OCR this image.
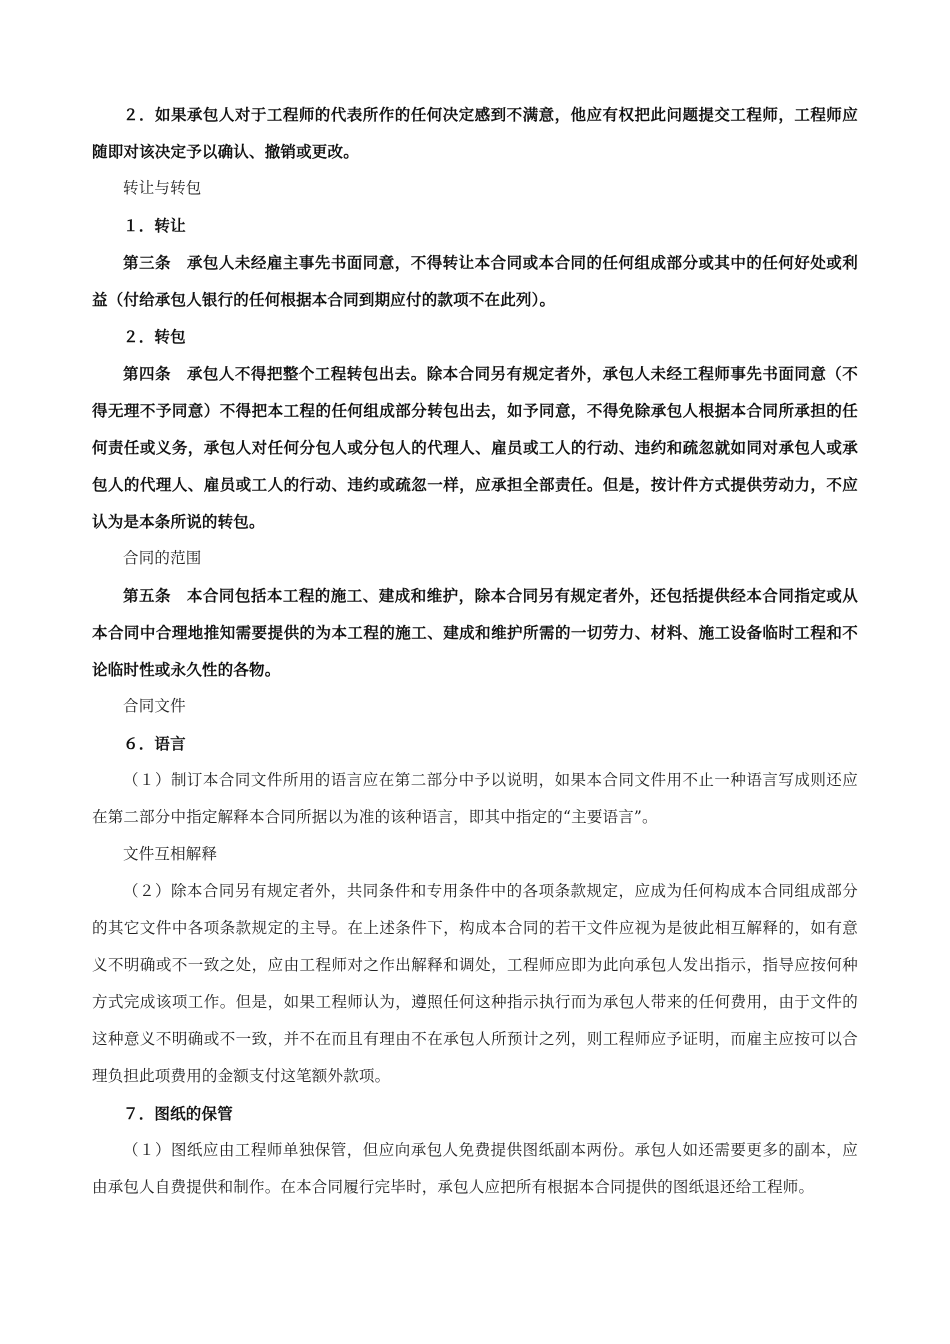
２．如果承包人对于工程师的代表所作的任何决定感到不满意，他应有权把此问题提交工程师，工程师应随即对该决定予以确认、撤销或更改。

转让与转包

１．转让

第三条　承包人未经雇主事先书面同意，不得转让本合同或本合同的任何组成部分或其中的任何好处或利益（付给承包人银行的任何根据本合同到期应付的款项不在此列）。

２．转包

第四条　承包人不得把整个工程转包出去。除本合同另有规定者外，承包人未经工程师事先书面同意（不得无理不予同意）不得把本工程的任何组成部分转包出去，如予同意，不得免除承包人根据本合同所承担的任何责任或义务，承包人对任何分包人或分包人的代理人、雇员或工人的行动、违约和疏忽就如同对承包人或承包人的代理人、雇员或工人的行动、违约或疏忽一样，应承担全部责任。但是，按计件方式提供劳动力，不应认为是本条所说的转包。

合同的范围

第五条　本合同包括本工程的施工、建成和维护，除本合同另有规定者外，还包括提供经本合同指定或从本合同中合理地推知需要提供的为本工程的施工、建成和维护所需的一切劳力、材料、施工设备临时工程和不论临时性或永久性的各物。

合同文件

６．语言

（１）制订本合同文件所用的语言应在第二部分中予以说明，如果本合同文件用不止一种语言写成则还应在第二部分中指定解释本合同所据以为准的该种语言，即其中指定的“主要语言”。

文件互相解释

（２）除本合同另有规定者外，共同条件和专用条件中的各项条款规定，应成为任何构成本合同组成部分的其它文件中各项条款规定的主导。在上述条件下，构成本合同的若干文件应视为是彼此相互解释的，如有意义不明确或不一致之处，应由工程师对之作出解释和调处，工程师应即为此向承包人发出指示，指导应按何种方式完成该项工作。但是，如果工程师认为，遵照任何这种指示执行而为承包人带来的任何费用，由于文件的这种意义不明确或不一致，并不在而且有理由不在承包人所预计之列，则工程师应予证明，而雇主应按可以合理负担此项费用的金额支付这笔额外款项。

７．图纸的保管

（１）图纸应由工程师单独保管，但应向承包人免费提供图纸副本两份。承包人如还需要更多的副本，应由承包人自费提供和制作。在本合同履行完毕时，承包人应把所有根据本合同提供的图纸退还给工程师。
